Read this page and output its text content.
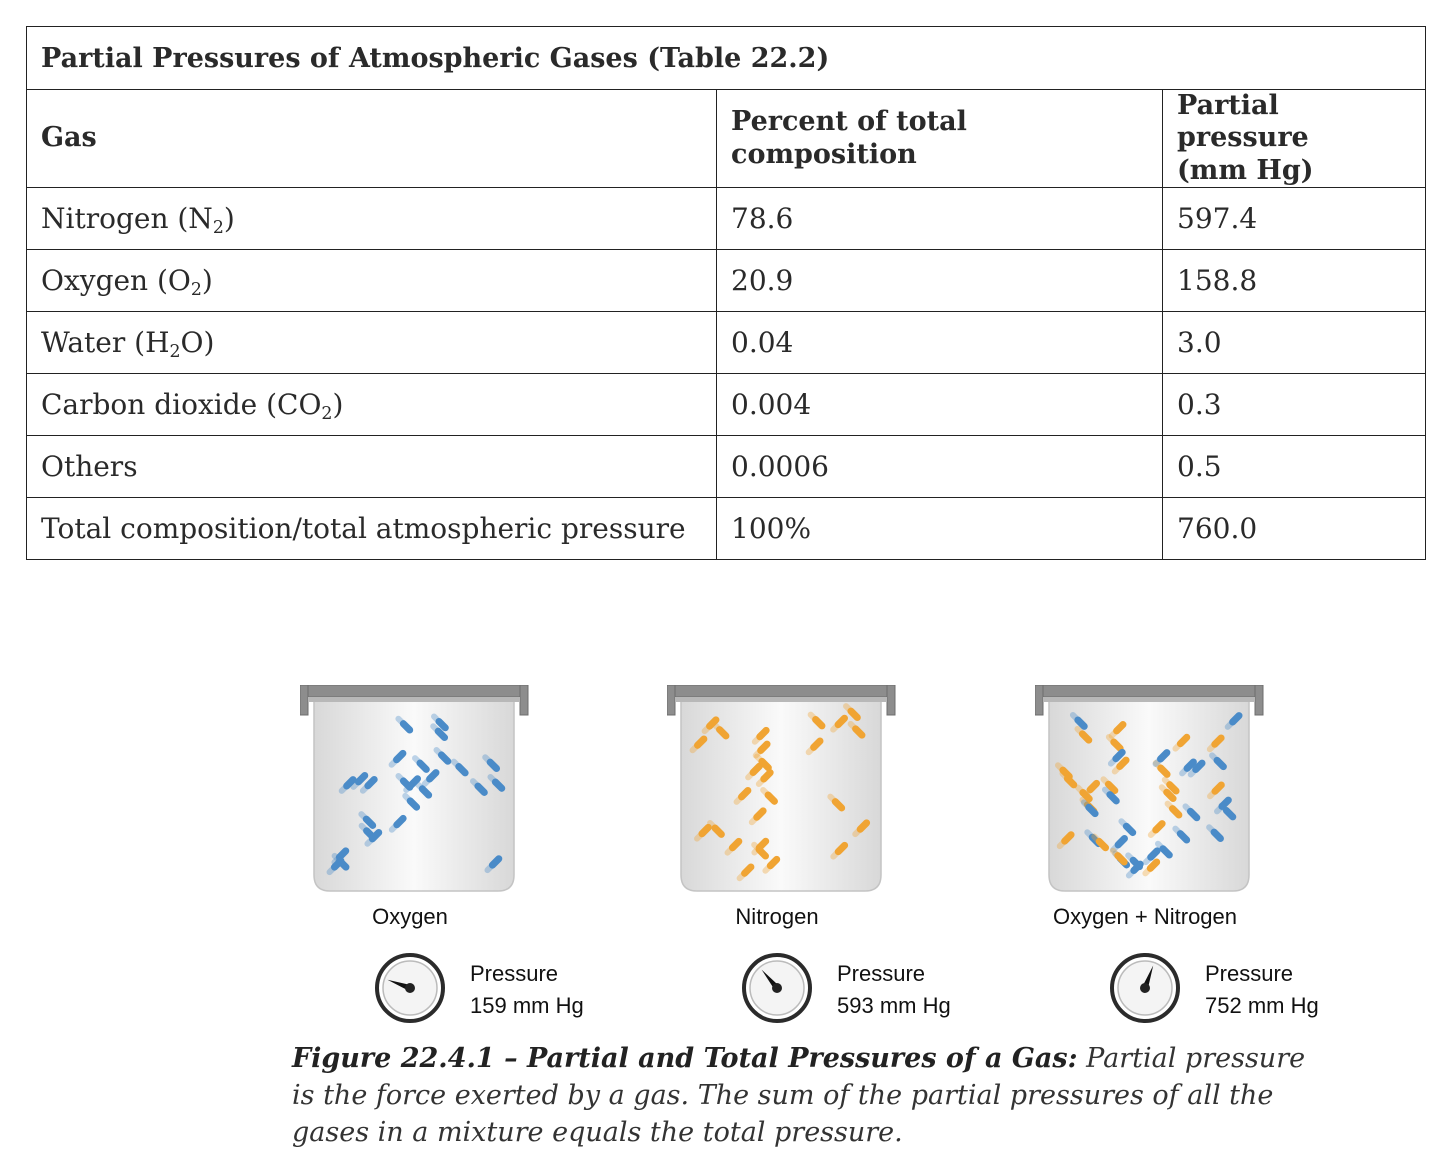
Partial Pressures of Atmospheric Gases (Table 22.2)		
Gas	Percent of total composition	Partial pressure
(mm Hg)
Nitrogen $(N_2)$	78.6	597.4
Oxygen $(O_2)$	20.9	158.8
Water $(H_2O)$	0.04	3.0
Carbon dioxide $(CO_2)$	0.004	0.3
Others	0.0006	0.5
Total composition/total atmospheric pressure	100%	760.0
Oxygen
Pressure
159 mm Hg
Nitrogen
Pressure
593 mm Hg
Oxygen + Nitrogen
Pressure
752 mm Hg
Figure 22.4.1 – Partial and Total Pressures of a Gas: Partial pressure is the force exerted by a gas. The sum of the partial pressures of all the gases in a mixture equals the total pressure.
